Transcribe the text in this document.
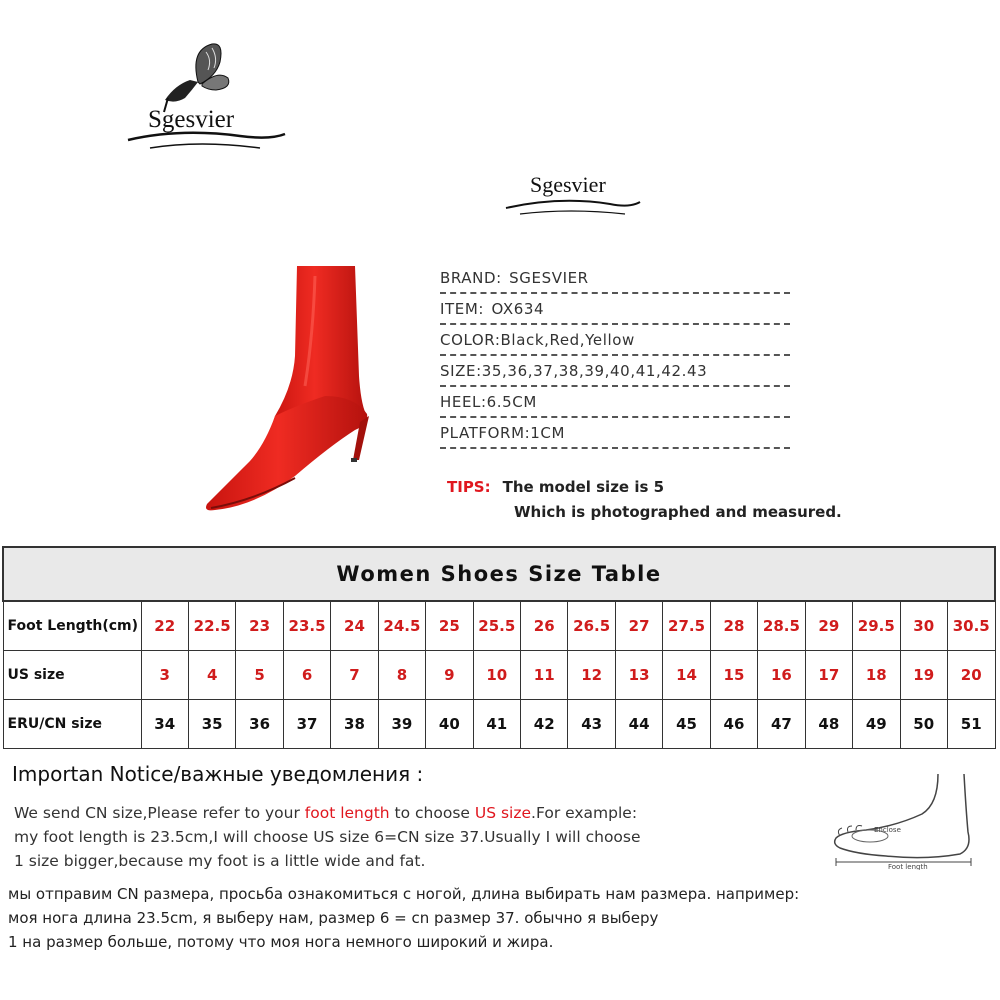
Sgesvier
Sgesvier
BRAND: SGESVIER
ITEM: OX634
COLOR:Black,Red,Yellow
SIZE:35,36,37,38,39,40,41,42.43
HEEL:6.5CM
PLATFORM:1CM
TIPS: The model size is 5
Which is photographed and measured.
Women Shoes Size Table																		
Foot Length(cm)	22	22.5	23	23.5	24	24.5	25	25.5	26	26.5	27	27.5	28	28.5	29	29.5	30	30.5
US size	3	4	5	6	7	8	9	10	11	12	13	14	15	16	17	18	19	20
ERU/CN size	34	35	36	37	38	39	40	41	42	43	44	45	46	47	48	49	50	51
Importan Notice/важные уведомления :
We send CN size,Please refer to your foot length to choose US size.For example:
my foot length is 23.5cm,I will choose US size 6=CN size 37.Usually I will choose
1 size bigger,because my foot is a little wide and fat.
мы отправим CN размера, просьба ознакомиться с ногой, длина выбирать нам размера. например:
моя нога длина 23.5cm, я выберу нам, размер 6 = cn размер 37. обычно я выберу
1 на размер больше, потому что моя нога немного широкий и жира.
Enclose
Foot length
